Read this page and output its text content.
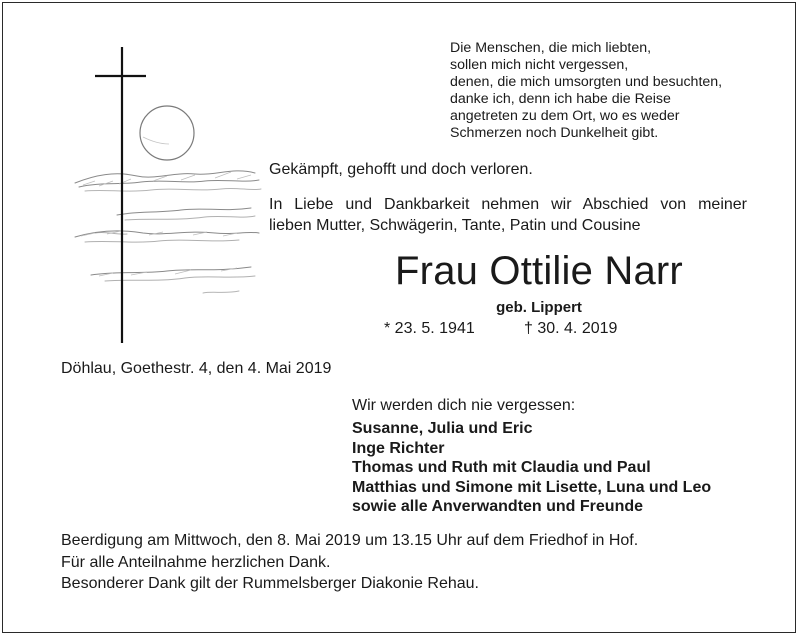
Die Menschen, die mich liebten,
sollen mich nicht vergessen,
denen, die mich umsorgten und besuchten,
danke ich, denn ich habe die Reise
angetreten zu dem Ort, wo es weder
Schmerzen noch Dunkelheit gibt.
Gekämpft, gehofft und doch verloren.
In Liebe und Dankbarkeit nehmen wir Abschied von meiner
lieben Mutter, Schwägerin, Tante, Patin und Cousine
Frau Ottilie Narr
geb. Lippert
* 23. 5. 1941	† 30. 4. 2019
Döhlau, Goethestr. 4, den 4. Mai 2019
Wir werden dich nie vergessen:
Susanne, Julia und Eric
Inge Richter
Thomas und Ruth mit Claudia und Paul
Matthias und Simone mit Lisette, Luna und Leo
sowie alle Anverwandten und Freunde
Beerdigung am Mittwoch, den 8. Mai 2019 um 13.15 Uhr auf dem Friedhof in Hof.
Für alle Anteilnahme herzlichen Dank.
Besonderer Dank gilt der Rummelsberger Diakonie Rehau.
